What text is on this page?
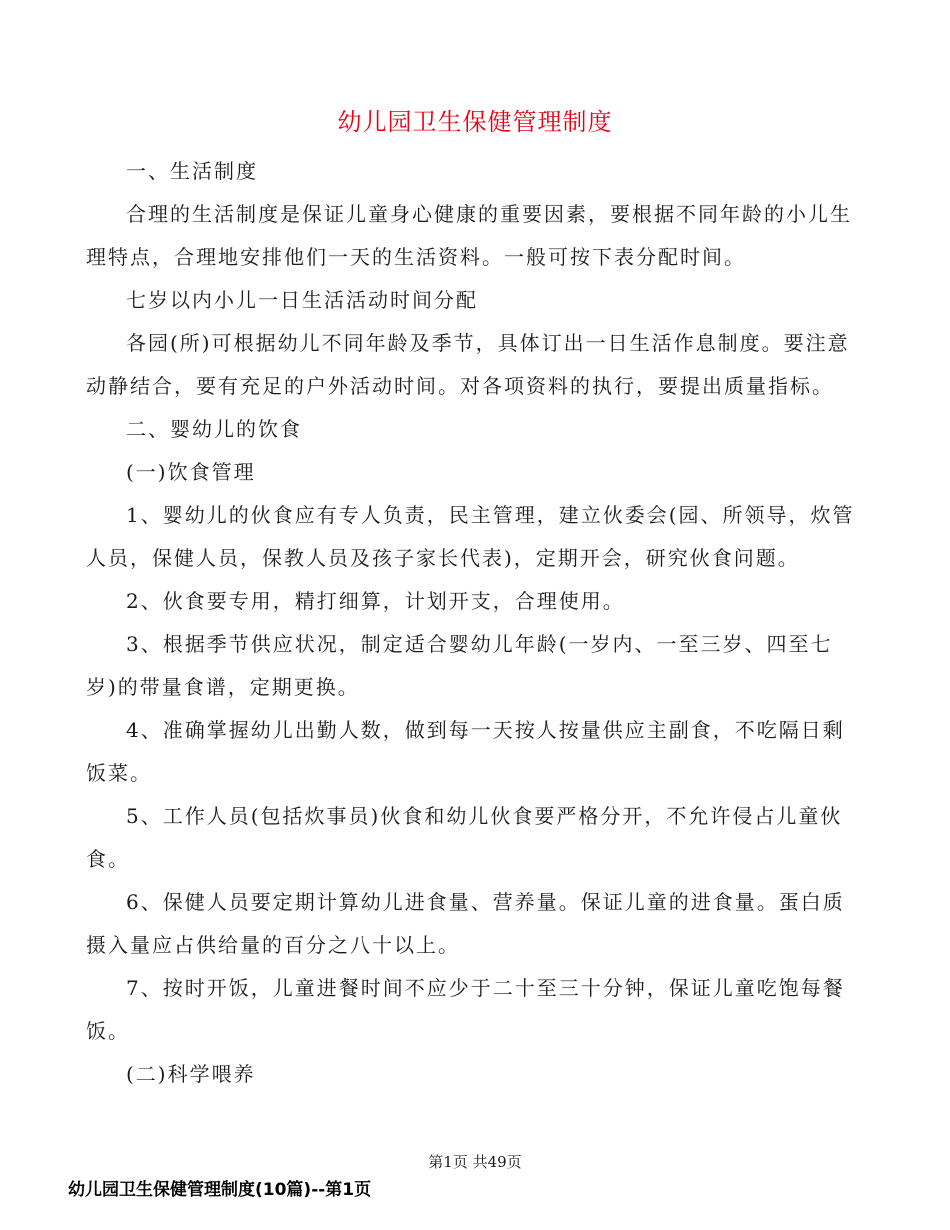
幼儿园卫生保健管理制度

一、生活制度

合理的生活制度是保证儿童身心健康的重要因素，要根据不同年龄的小儿生理特点，合理地安排他们一天的生活资料。一般可按下表分配时间。

七岁以内小儿一日生活活动时间分配

各园(所)可根据幼儿不同年龄及季节，具体订出一日生活作息制度。要注意动静结合，要有充足的户外活动时间。对各项资料的执行，要提出质量指标。

二、婴幼儿的饮食

(一)饮食管理

1、婴幼儿的伙食应有专人负责，民主管理，建立伙委会(园、所领导，炊管人员，保健人员，保教人员及孩子家长代表)，定期开会，研究伙食问题。

2、伙食要专用，精打细算，计划开支，合理使用。

3、根据季节供应状况，制定适合婴幼儿年龄(一岁内、一至三岁、四至七岁)的带量食谱，定期更换。

4、准确掌握幼儿出勤人数，做到每一天按人按量供应主副食，不吃隔日剩饭菜。

5、工作人员(包括炊事员)伙食和幼儿伙食要严格分开，不允许侵占儿童伙食。

6、保健人员要定期计算幼儿进食量、营养量。保证儿童的进食量。蛋白质摄入量应占供给量的百分之八十以上。

7、按时开饭，儿童进餐时间不应少于二十至三十分钟，保证儿童吃饱每餐饭。

(二)科学喂养

第1页 共49页
幼儿园卫生保健管理制度(10篇)--第1页
